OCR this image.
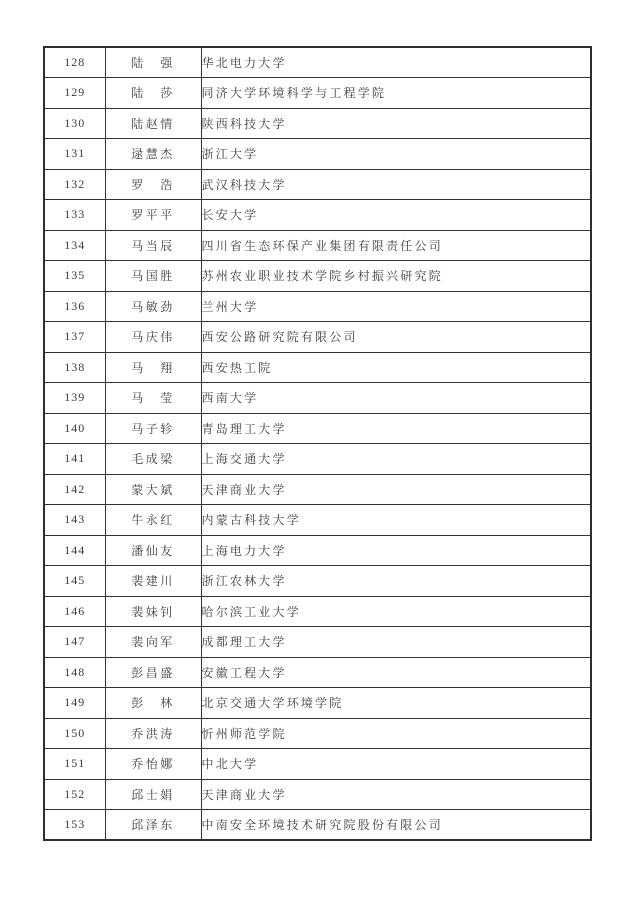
128	陆　强	华北电力大学
129	陆　莎	同济大学环境科学与工程学院
130	陆赵情	陕西科技大学
131	逯慧杰	浙江大学
132	罗　浩	武汉科技大学
133	罗平平	长安大学
134	马当辰	四川省生态环保产业集团有限责任公司
135	马国胜	苏州农业职业技术学院乡村振兴研究院
136	马敏劲	兰州大学
137	马庆伟	西安公路研究院有限公司
138	马　翔	西安热工院
139	马　莹	西南大学
140	马子轸	青岛理工大学
141	毛成梁	上海交通大学
142	蒙大斌	天津商业大学
143	牛永红	内蒙古科技大学
144	潘仙友	上海电力大学
145	裴建川	浙江农林大学
146	裴妹钊	哈尔滨工业大学
147	裴向军	成都理工大学
148	彭昌盛	安徽工程大学
149	彭　林	北京交通大学环境学院
150	乔洪涛	忻州师范学院
151	乔怡娜	中北大学
152	邱士娟	天津商业大学
153	邱泽东	中南安全环境技术研究院股份有限公司
